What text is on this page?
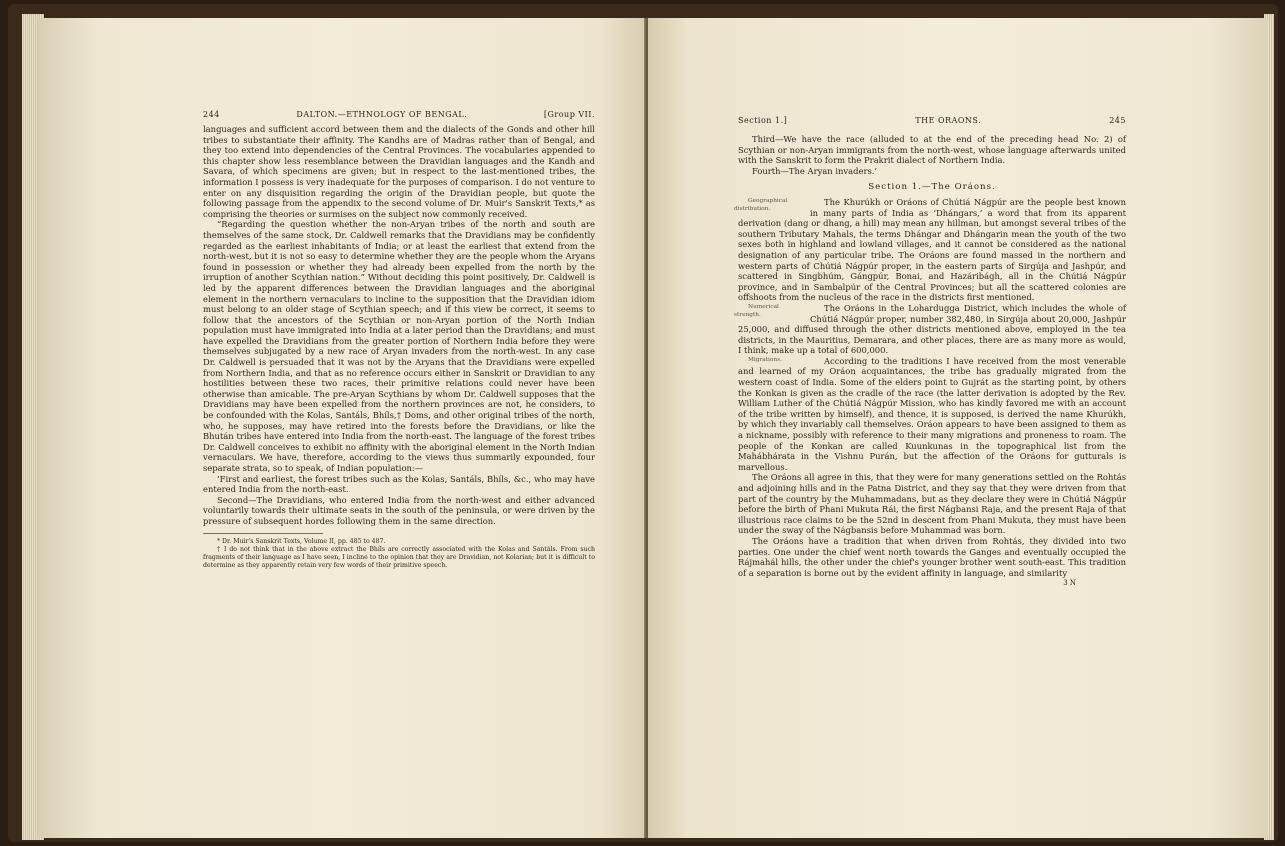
244	DALTON.—ETHNOLOGY OF BENGAL.	[Group VII.

languages and sufficient accord between them and the dialects of the Gonds and other hill tribes to substantiate their affinity. The Kandhs are of Madras rather than of Bengal, and they too extend into dependencies of the Central Provinces. The vocabularies appended to this chapter show less resemblance between the Dravidian languages and the Kandh and Savara, of which specimens are given; but in respect to the last-mentioned tribes, the information I possess is very inadequate for the purposes of comparison. I do not venture to enter on any disquisition regarding the origin of the Dravidian people, but quote the following passage from the appendix to the second volume of Dr. Muir's Sanskrit Texts,* as comprising the theories or surmises on the subject now commonly received.

“Regarding the question whether the non-Aryan tribes of the north and south are themselves of the same stock, Dr. Caldwell remarks that the Dravidians may be confidently regarded as the earliest inhabitants of India; or at least the earliest that extend from the north-west, but it is not so easy to determine whether they are the people whom the Aryans found in possession or whether they had already been expelled from the north by the irruption of another Scythian nation.” Without deciding this point positively, Dr. Caldwell is led by the apparent differences between the Dravidian languages and the aboriginal element in the northern vernaculars to incline to the supposition that the Dravidian idiom must belong to an older stage of Scythian speech; and if this view be correct, it seems to follow that the ancestors of the Scythian or non-Aryan portion of the North Indian population must have immigrated into India at a later period than the Dravidians; and must have expelled the Dravidians from the greater portion of Northern India before they were themselves subjugated by a new race of Aryan invaders from the north-west. In any case Dr. Caldwell is persuaded that it was not by the Aryans that the Dravidians were expelled from Northern India, and that as no reference occurs either in Sanskrit or Dravidian to any hostilities between these two races, their primitive relations could never have been otherwise than amicable. The pre-Aryan Scythians by whom Dr. Caldwell supposes that the Dravidians may have been expelled from the northern provinces are not, he considers, to be confounded with the Kolas, Santáls, Bhíls,† Doms, and other original tribes of the north, who, he supposes, may have retired into the forests before the Dravidians, or like the Bhután tribes have entered into India from the north-east. The language of the forest tribes Dr. Caldwell conceives to exhibit no affinity with the aboriginal element in the North Indian vernaculars. We have, therefore, according to the views thus summarily expounded, four separate strata, so to speak, of Indian population:—

‘First and earliest, the forest tribes such as the Kolas, Santáls, Bhíls, &c., who may have entered India from the north-east.

Second—The Dravidians, who entered India from the north-west and either advanced voluntarily towards their ultimate seats in the south of the peninsula, or were driven by the pressure of subsequent hordes following them in the same direction.

* Dr. Muir's Sanskrit Texts, Volume II, pp. 485 to 487.

† I do not think that in the above extract the Bhíls are correctly associated with the Kolas and Santáls. From such fragments of their language as I have seen, I incline to the opinion that they are Dravidian, not Kolarian; but it is difficult to determine as they apparently retain very few words of their primitive speech.

Section 1.]	THE ORAONS.	245

Third—We have the race (alluded to at the end of the preceding head No. 2) of Scythian or non-Aryan immigrants from the north-west, whose language afterwards united with the Sanskrit to form the Prakrit dialect of Northern India.

Fourth—The Aryan invaders.’

Section 1.—The Oráons.

Geographical distribution.
The Khurúkh or Oráons of Chútiá Nágpúr are the people best known in many parts of India as ‘Dhángars,’ a word that from its apparent derivation (dang or dhang, a hill) may mean any hillman, but amongst several tribes of the southern Tributary Mahals, the terms Dhángar and Dhángarin mean the youth of the two sexes both in highland and lowland villages, and it cannot be considered as the national designation of any particular tribe. The Oráons are found massed in the northern and western parts of Chútiá Nágpúr proper, in the eastern parts of Sirgúja and Jashpúr, and scattered in Singbhúm, Gángpúr, Bonai, and Hazáribágh, all in the Chútiá Nágpúr province, and in Sambalpúr of the Central Provinces; but all the scattered colonies are offshoots from the nucleus of the race in the districts first mentioned.

Numerical strength.
The Oráons in the Lohardugga District, which includes the whole of Chútiá Nágpúr proper, number 382,480, in Sirgúja about 20,000, Jashpúr 25,000, and diffused through the other districts mentioned above, employed in the tea districts, in the Mauritius, Demarara, and other places, there are as many more as would, I think, make up a total of 600,000.

Migrations.	According to the traditions I have received from the most venerable and learned of my Oráon acquaintances, the tribe has gradually migrated from the western coast of India. Some of the elders point to Gujrát as the starting point, by others the Konkan is given as the cradle of the race (the latter derivation is adopted by the Rev. William Luther of the Chútiá Nágpúr Mission, who has kindly favored me with an account of the tribe written by himself), and thence, it is supposed, is derived the name Khurúkh, by which they invariably call themselves. Oráon appears to have been assigned to them as a nickname, possibly with reference to their many migrations and proneness to roam. The people of the Konkan are called Kuunkunas in the topographical list from the Mahábhárata in the Vishnu Purán, but the affection of the Oráons for gutturals is marvellous.

The Oráons all agree in this, that they were for many generations settled on the Rohtás and adjoining hills and in the Patna District, and they say that they were driven from that part of the country by the Muhammadans, but as they declare they were in Chútiá Nágpúr before the birth of Phani Mukuta Rái, the first Nágbansi Raja, and the present Raja of that illustrious race claims to be the 52nd in descent from Phani Mukuta, they must have been under the sway of the Nágbansis before Muhammad was born.

The Oráons have a tradition that when driven from Rohtás, they divided into two parties. One under the chief went north towards the Ganges and eventually occupied the Rájmahál hills, the other under the chief's younger brother went south-east. This tradition of a separation is borne out by the evident affinity in language, and similarity

3 N
